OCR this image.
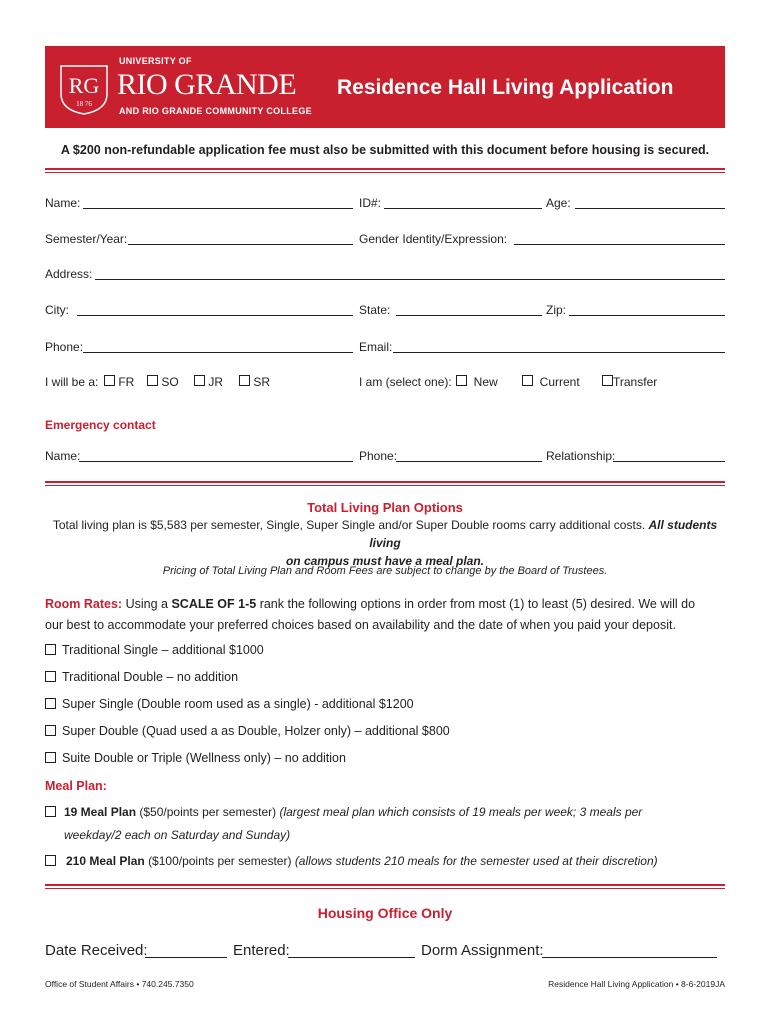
RG
18 76
UNIVERSITY OF
RIO GRANDE
AND RIO GRANDE COMMUNITY COLLEGE
Residence Hall Living Application
A $200 non-refundable application fee must also be submitted with this document before housing is secured.
Name:	ID#:	Age:
Semester/Year:	Gender Identity/Expression:
Address:
City:	State:	Zip:
Phone:	Email:
I will be a:	FR	SO	JR	SR	I am (select one):	New	Current	Transfer
Emergency contact
Name:	Phone:	Relationship:
Total Living Plan Options
Total living plan is $5,583 per semester, Single, Super Single and/or Super Double rooms carry additional costs. All students living
on campus must have a meal plan.
Pricing of Total Living Plan and Room Fees are subject to change by the Board of Trustees.
Room Rates: Using a SCALE OF 1-5 rank the following options in order from most (1) to least (5) desired. We will do
our best to accommodate your preferred choices based on availability and the date of when you paid your deposit.
Traditional Single – additional $1000
Traditional Double – no addition
Super Single (Double room used as a single) - additional $1200
Super Double (Quad used a as Double, Holzer only) – additional $800
Suite Double or Triple (Wellness only) – no addition
Meal Plan:
19 Meal Plan ($50/points per semester) (largest meal plan which consists of 19 meals per week; 3 meals per
weekday/2 each on Saturday and Sunday)
210 Meal Plan ($100/points per semester) (allows students 210 meals for the semester used at their discretion)
Housing Office Only
Date Received:	Entered:	Dorm Assignment:
Office of Student Affairs • 740.245.7350	Residence Hall Living Application • 8-6-2019JA
